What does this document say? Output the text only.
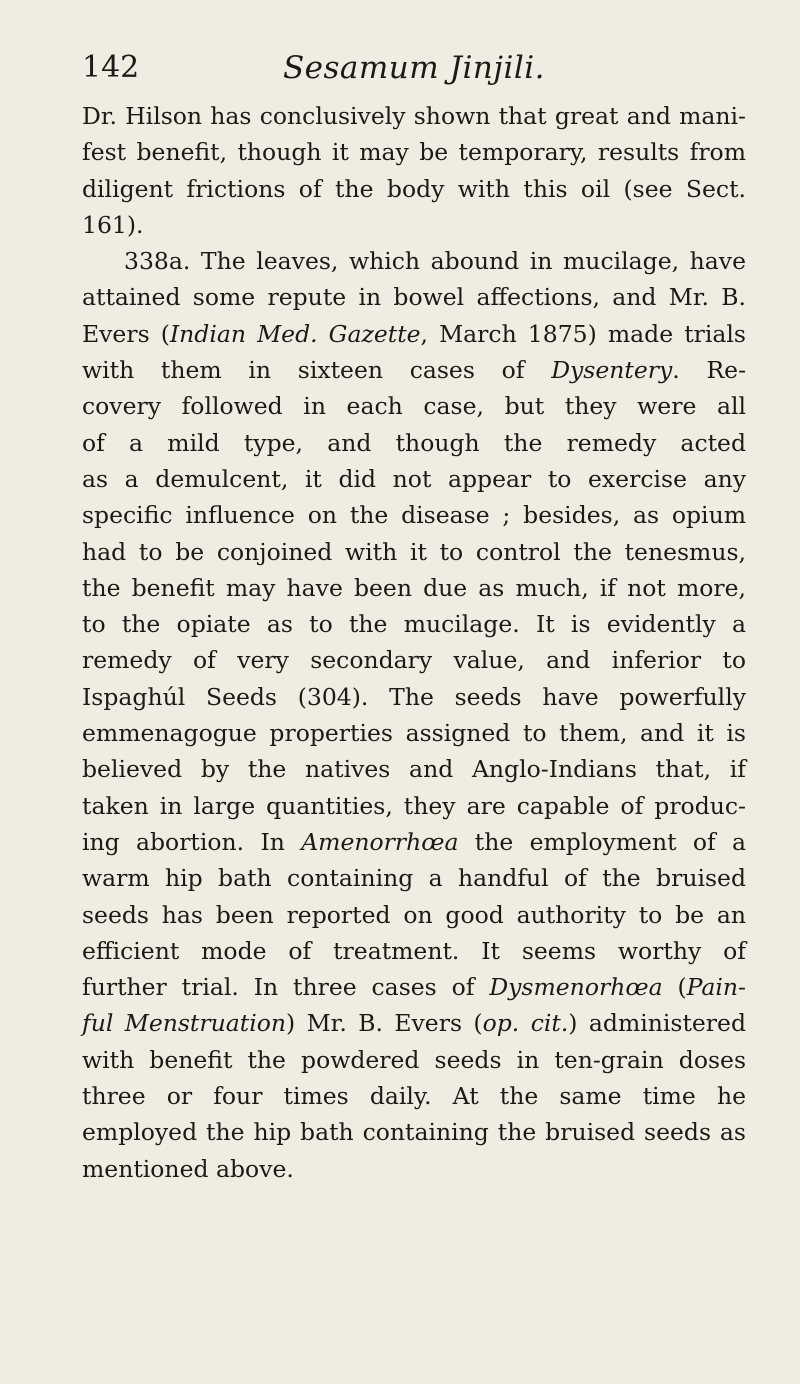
142	Sesamum Jinjili.
Dr. Hilson has conclusively shown that great and mani-
fest benefit, though it may be temporary, results from
diligent frictions of the body with this oil (see Sect.
161).
338a. The leaves, which abound in mucilage, have
attained some repute in bowel affections, and Mr. B.
Evers (Indian Med. Gazette, March 1875) made trials
with them in sixteen cases of Dysentery. Re-
covery followed in each case, but they were all
of a mild type, and though the remedy acted
as a demulcent, it did not appear to exercise any
specific influence on the disease ; besides, as opium
had to be conjoined with it to control the tenesmus,
the benefit may have been due as much, if not more,
to the opiate as to the mucilage. It is evidently a
remedy of very secondary value, and inferior to
Ispaghúl Seeds (304). The seeds have powerfully
emmenagogue properties assigned to them, and it is
believed by the natives and Anglo-Indians that, if
taken in large quantities, they are capable of produc-
ing abortion. In Amenorrhœa the employment of a
warm hip bath containing a handful of the bruised
seeds has been reported on good authority to be an
efficient mode of treatment. It seems worthy of
further trial. In three cases of Dysmenorhœa (Pain-
ful Menstruation) Mr. B. Evers (op. cit.) administered
with benefit the powdered seeds in ten-grain doses
three or four times daily. At the same time he
employed the hip bath containing the bruised seeds as
mentioned above.
